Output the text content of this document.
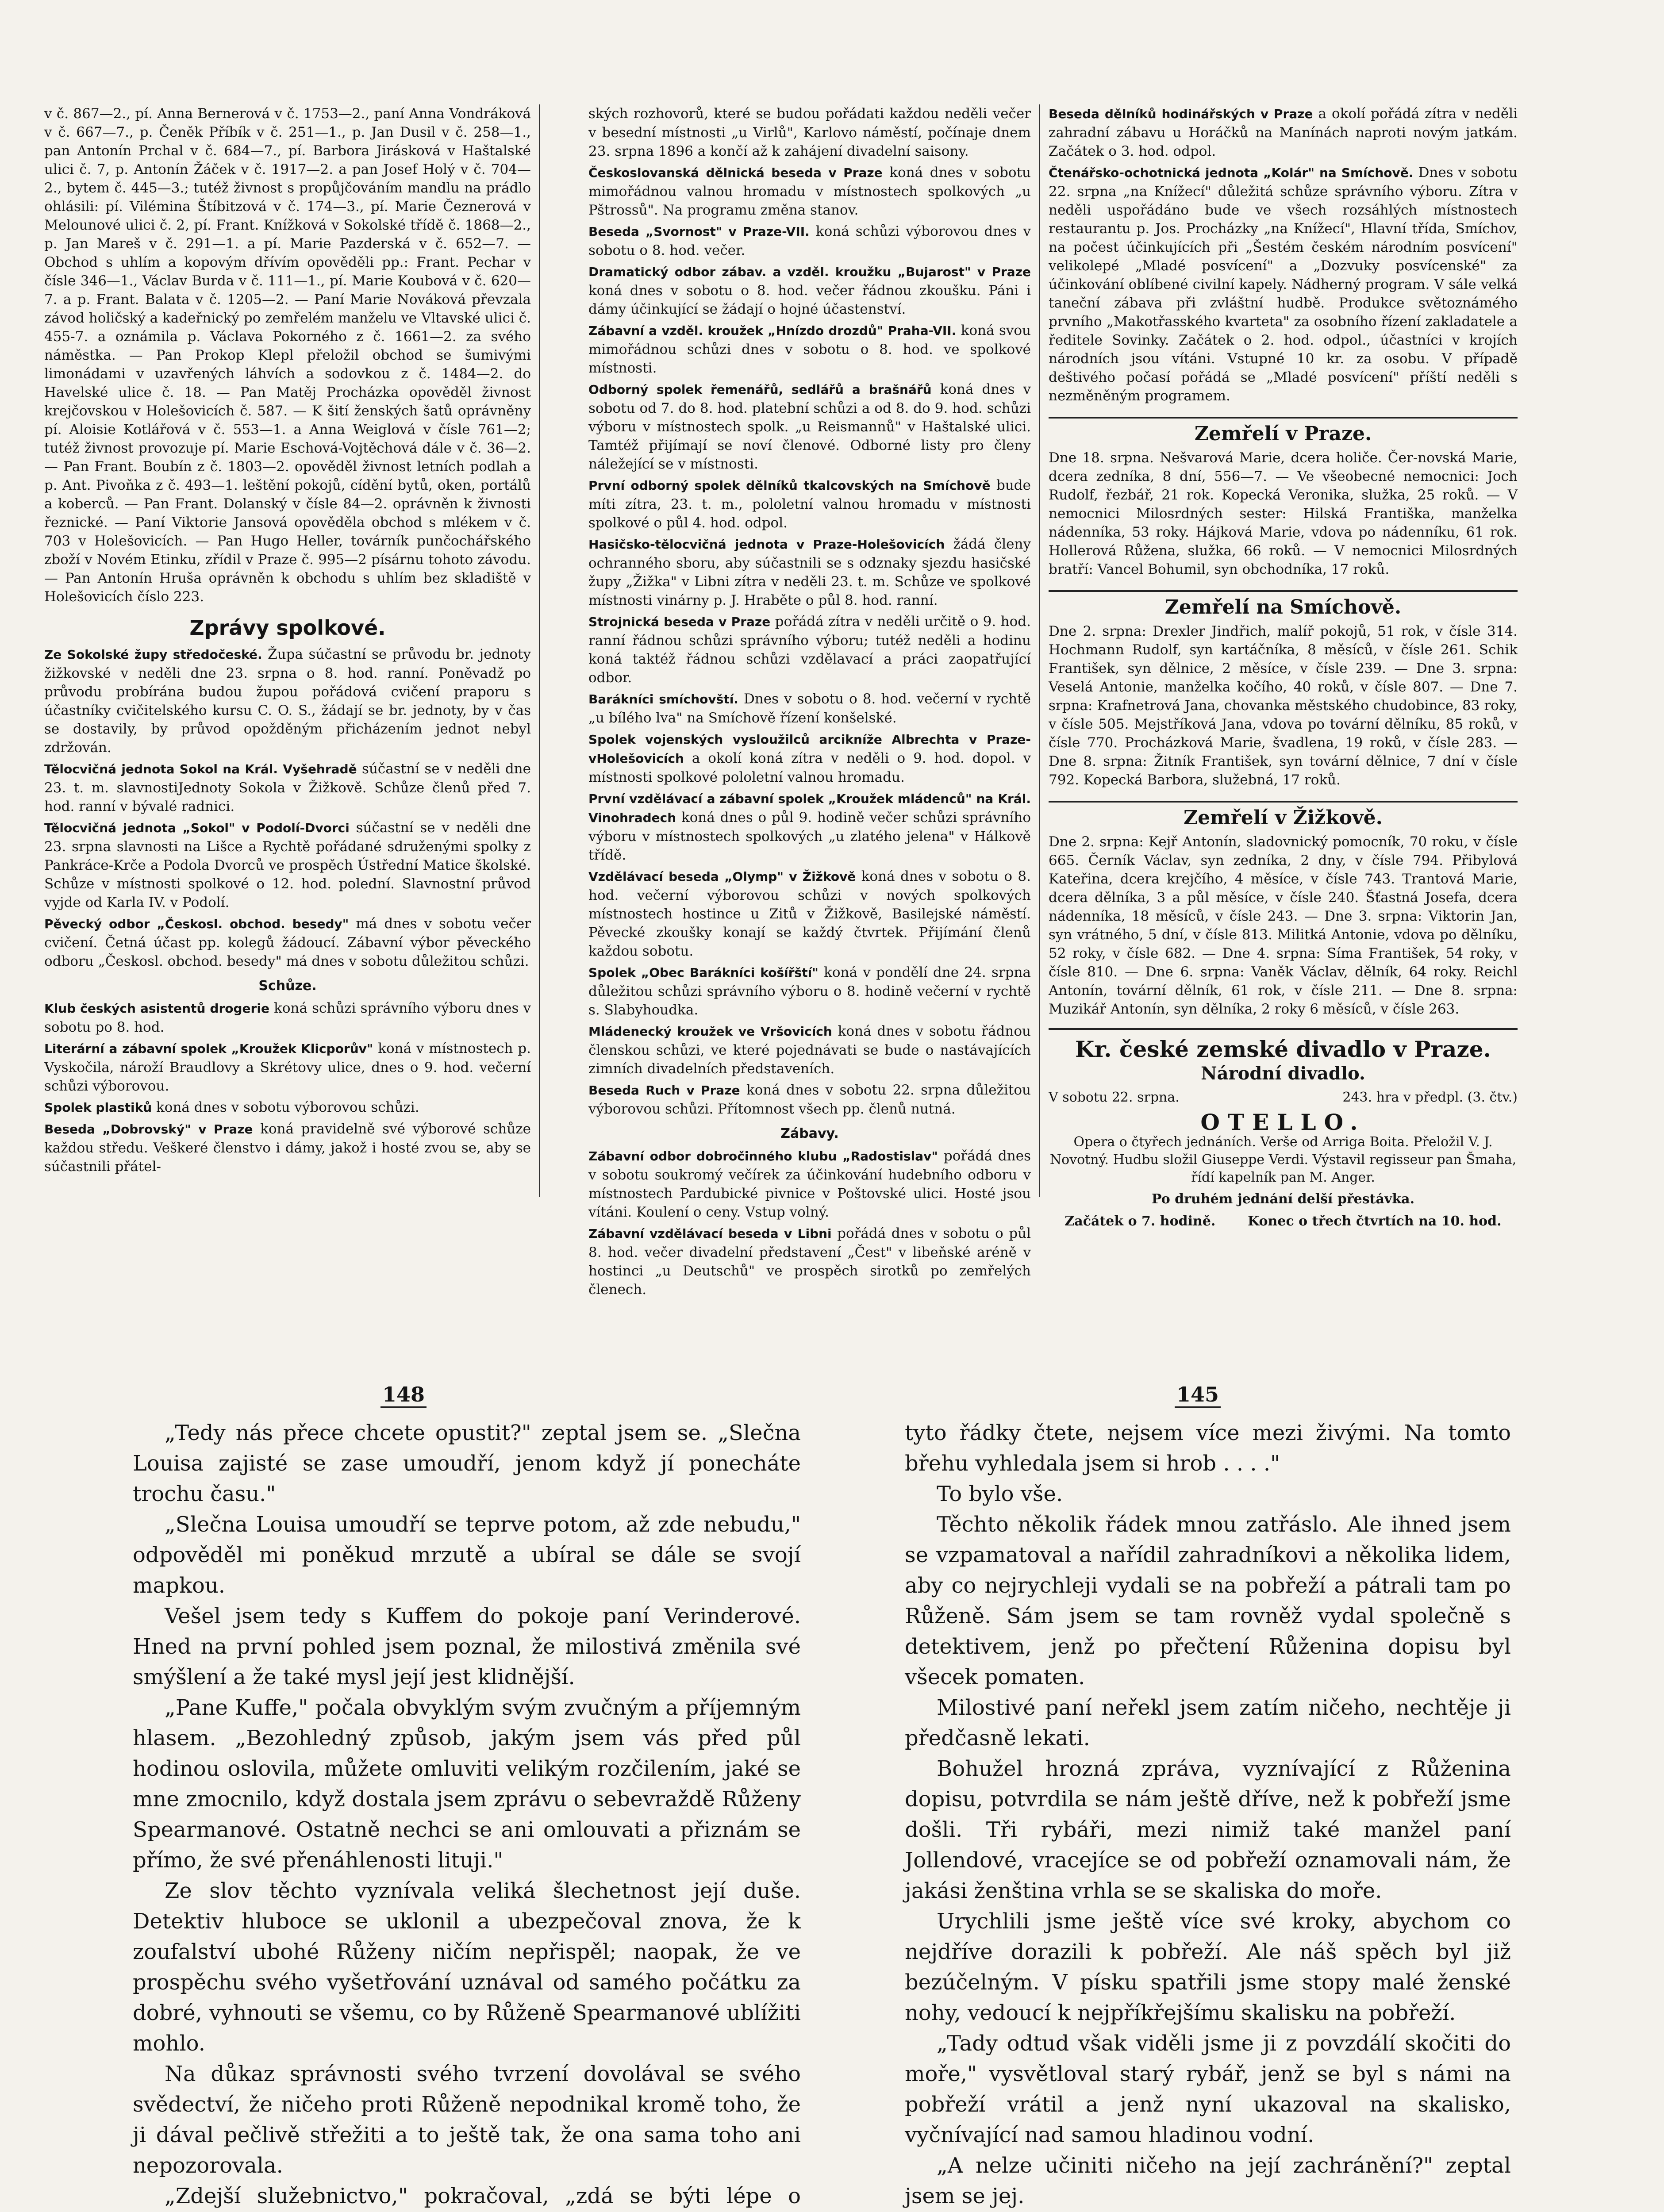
v č. 867—2., pí. Anna Bernerová v č. 1753—2., paní Anna Vondráková v č. 667—7., p. Čeněk Příbík v č. 251—1., p. Jan Dusil v č. 258—1., pan Antonín Prchal v č. 684—7., pí. Barbora Jirásková v Haštalské ulici č. 7, p. Antonín Žáček v č. 1917—2. a pan Josef Holý v č. 704—2., bytem č. 445—3.; tutéž živnost s propůjčováním mandlu na prádlo ohlásili: pí. Vilémina Štíbitzová v č. 174—3., pí. Marie Čeznerová v Melounové ulici č. 2, pí. Frant. Knížková v Sokolské třídě č. 1868—2., p. Jan Mareš v č. 291—1. a pí. Marie Pazderská v č. 652—7. — Obchod s uhlím a kopovým dřívím opověděli pp.: Frant. Pechar v čísle 346—1., Václav Burda v č. 111—1., pí. Marie Koubová v č. 620—7. a p. Frant. Balata v č. 1205—2. — Paní Marie Nováková převzala závod holičský a kadeřnický po zemřelém manželu ve Vltavské ulici č. 455-7. a oznámila p. Václava Pokorného z č. 1661—2. za svého náměstka. — Pan Prokop Klepl přeložil obchod se šumivými limonádami v uzavřených láhvích a sodovkou z č. 1484—2. do Havelské ulice č. 18. — Pan Matěj Procházka opověděl živnost krejčovskou v Holešovicích č. 587. — K šití ženských šatů oprávněny pí. Aloisie Kotlářová v č. 553—1. a Anna Weiglová v čísle 761—2; tutéž živnost provozuje pí. Marie Eschová-Vojtěchová dále v č. 36—2. — Pan Frant. Boubín z č. 1803—2. opověděl živnost letních podlah a p. Ant. Pivoňka z č. 493—1. leštění pokojů, cídění bytů, oken, portálů a koberců. — Pan Frant. Dolanský v čísle 84—2. oprávněn k živnosti řeznické. — Paní Viktorie Jansová opověděla obchod s mlékem v č. 703 v Holešovicích. — Pan Hugo Heller, továrník punčochářského zboží v Novém Etinku, zřídil v Praze č. 995—2 písárnu tohoto závodu. — Pan Antonín Hruša oprávněn k obchodu s uhlím bez skladiště v Holešovicích číslo 223.

Zprávy spolkové.

Ze Sokolské župy středočeské. Župa súčastní se průvodu br. jednoty žižkovské v neděli dne 23. srpna o 8. hod. ranní. Poněvadž po průvodu probírána budou župou pořádová cvičení praporu s účastníky cvičitelského kursu C. O. S., žádají se br. jednoty, by v čas se dostavily, by průvod opožděným přicházením jednot nebyl zdržován.

Tělocvičná jednota Sokol na Král. Vyšehradě súčastní se v neděli dne 23. t. m. slavnostiJednoty Sokola v Žižkově. Schůze členů před 7. hod. ranní v bývalé radnici.

Tělocvičná jednota „Sokol" v Podolí-Dvorci súčastní se v neděli dne 23. srpna slavnosti na Lišce a Rychtě pořádané sdruženými spolky z Pankráce-Krče a Podola Dvorců ve prospěch Ústřední Matice školské. Schůze v místnosti spolkové o 12. hod. polední. Slavnostní průvod vyjde od Karla IV. v Podolí.

Pěvecký odbor „Českosl. obchod. besedy" má dnes v sobotu večer cvičení. Četná účast pp. kolegů žádoucí. Zábavní výbor pěveckého odboru „Českosl. obchod. besedy" má dnes v sobotu důležitou schůzi.

Schůze.

Klub českých asistentů drogerie koná schůzi správního výboru dnes v sobotu po 8. hod.

Literární a zábavní spolek „Kroužek Klicporův" koná v místnostech p. Vyskočila, nároží Braudlovy a Skrétovy ulice, dnes o 9. hod. večerní schůzi výborovou.

Spolek plastiků koná dnes v sobotu výborovou schůzi.

Beseda „Dobrovský" v Praze koná pravidelně své výborové schůze každou středu. Veškeré členstvo i dámy, jakož i hosté zvou se, aby se súčastnili přátel-

ských rozhovorů, které se budou pořádati každou neděli večer v besední místnosti „u Virlů", Karlovo náměstí, počínaje dnem 23. srpna 1896 a končí až k zahájení divadelní saisony.

Českoslovanská dělnická beseda v Praze koná dnes v sobotu mimořádnou valnou hromadu v místnostech spolkových „u Pštrossů". Na programu změna stanov.

Beseda „Svornost" v Praze-VII. koná schůzi výborovou dnes v sobotu o 8. hod. večer.

Dramatický odbor zábav. a vzděl. kroužku „Bujarost" v Praze koná dnes v sobotu o 8. hod. večer řádnou zkoušku. Páni i dámy účinkující se žádají o hojné účastenství.

Zábavní a vzděl. kroužek „Hnízdo drozdů" Praha-VII. koná svou mimořádnou schůzi dnes v sobotu o 8. hod. ve spolkové místnosti.

Odborný spolek řemenářů, sedlářů a brašnářů koná dnes v sobotu od 7. do 8. hod. platební schůzi a od 8. do 9. hod. schůzi výboru v místnostech spolk. „u Reismannů" v Haštalské ulici. Tamtéž přijímají se noví členové. Odborné listy pro členy náležející se v místnosti.

První odborný spolek dělníků tkalcovských na Smíchově bude míti zítra, 23. t. m., pololetní valnou hromadu v místnosti spolkové o půl 4. hod. odpol.

Hasičsko-tělocvičná jednota v Praze-Holešovicích žádá členy ochranného sboru, aby súčastnili se s odznaky sjezdu hasičské župy „Žižka" v Libni zítra v neděli 23. t. m. Schůze ve spolkové místnosti vinárny p. J. Hraběte o půl 8. hod. ranní.

Strojnická beseda v Praze pořádá zítra v neděli určitě o 9. hod. ranní řádnou schůzi správního výboru; tutéž neděli a hodinu koná taktéž řádnou schůzi vzdělavací a práci zaopatřující odbor.

Barákníci smíchovští. Dnes v sobotu o 8. hod. večerní v rychtě „u bílého lva" na Smíchově řízení konšelské.

Spolek vojenských vysloužilců arcikníže Albrechta v Praze-vHolešovicích a okolí koná zítra v neděli o 9. hod. dopol. v místnosti spolkové pololetní valnou hromadu.

První vzdělávací a zábavní spolek „Kroužek mládenců" na Král. Vinohradech koná dnes o půl 9. hodině večer schůzi správního výboru v místnostech spolkových „u zlatého jelena" v Hálkově třídě.

Vzdělávací beseda „Olymp" v Žižkově koná dnes v sobotu o 8. hod. večerní výborovou schůzi v nových spolkových místnostech hostince u Zitů v Žižkově, Basilejské náměstí. Pěvecké zkoušky konají se každý čtvrtek. Přijímání členů každou sobotu.

Spolek „Obec Barákníci košířští" koná v pondělí dne 24. srpna důležitou schůzi správního výboru o 8. hodině večerní v rychtě s. Slabyhoudka.

Mládenecký kroužek ve Vršovicích koná dnes v sobotu řádnou členskou schůzi, ve které pojednávati se bude o nastávajících zimních divadelních představeních.

Beseda Ruch v Praze koná dnes v sobotu 22. srpna důležitou výborovou schůzi. Přítomnost všech pp. členů nutná.

Zábavy.

Zábavní odbor dobročinného klubu „Radostislav" pořádá dnes v sobotu soukromý večírek za účinkování hudebního odboru v místnostech Pardubické pivnice v Poštovské ulici. Hosté jsou vítáni. Koulení o ceny. Vstup volný.

Zábavní vzdělávací beseda v Libni pořádá dnes v sobotu o půl 8. hod. večer divadelní představení „Čest" v libeňské aréně v hostinci „u Deutschů" ve prospěch sirotků po zemřelých členech.

Beseda dělníků hodinářských v Praze a okolí pořádá zítra v neděli zahradní zábavu u Horáčků na Manínách naproti novým jatkám. Začátek o 3. hod. odpol.

Čtenářsko-ochotnická jednota „Kolár" na Smíchově. Dnes v sobotu 22. srpna „na Knížecí" důležitá schůze správního výboru. Zítra v neděli uspořádáno bude ve všech rozsáhlých místnostech restaurantu p. Jos. Procházky „na Knížecí", Hlavní třída, Smíchov, na počest účinkujících při „Šestém českém národním posvícení" velikolepé „Mladé posvícení" a „Dozvuky posvícenské" za účinkování oblíbené civilní kapely. Nádherný program. V sále velká taneční zábava při zvláštní hudbě. Produkce světoznámého prvního „Makotřasského kvarteta" za osobního řízení zakladatele a ředitele Sovinky. Začátek o 2. hod. odpol., účastníci v krojích národních jsou vítáni. Vstupné 10 kr. za osobu. V případě deštivého počasí pořádá se „Mladé posvícení" příští neděli s nezměněným programem.

Zemřelí v Praze.

Dne 18. srpna. Nešvarová Marie, dcera holiče. Čer-novská Marie, dcera zedníka, 8 dní, 556—7. — Ve všeobecné nemocnici: Joch Rudolf, řezbář, 21 rok. Kopecká Veronika, služka, 25 roků. — V nemocnici Milosrdných sester: Hilská Františka, manželka nádenníka, 53 roky. Hájková Marie, vdova po nádenníku, 61 rok. Hollerová Růžena, služka, 66 roků. — V nemocnici Milosrdných bratří: Vancel Bohumil, syn obchodníka, 17 roků.

Zemřelí na Smíchově.

Dne 2. srpna: Drexler Jindřich, malíř pokojů, 51 rok, v čísle 314. Hochmann Rudolf, syn kartáčníka, 8 měsíců, v čísle 261. Schik František, syn dělnice, 2 měsíce, v čísle 239. — Dne 3. srpna: Veselá Antonie, manželka kočího, 40 roků, v čísle 807. — Dne 7. srpna: Krafnetrová Jana, chovanka městského chudobince, 83 roky, v čísle 505. Mejstříková Jana, vdova po tovární dělníku, 85 roků, v čísle 770. Procházková Marie, švadlena, 19 roků, v čísle 283. — Dne 8. srpna: Žitník František, syn tovární dělnice, 7 dní v čísle 792. Kopecká Barbora, služebná, 17 roků.

Zemřelí v Žižkově.

Dne 2. srpna: Kejř Antonín, sladovnický pomocník, 70 roku, v čísle 665. Černík Václav, syn zedníka, 2 dny, v čísle 794. Přibylová Kateřina, dcera krejčího, 4 měsíce, v čísle 743. Trantová Marie, dcera dělníka, 3 a půl měsíce, v čísle 240. Šťastná Josefa, dcera nádenníka, 18 měsíců, v čísle 243. — Dne 3. srpna: Viktorin Jan, syn vrátného, 5 dní, v čísle 813. Militká Antonie, vdova po dělníku, 52 roky, v čísle 682. — Dne 4. srpna: Síma František, 54 roky, v čísle 810. — Dne 6. srpna: Vaněk Václav, dělník, 64 roky. Reichl Antonín, tovární dělník, 61 rok, v čísle 211. — Dne 8. srpna: Muzikář Antonín, syn dělníka, 2 roky 6 měsíců, v čísle 263.

Kr. české zemské divadlo v Praze.
Národní divadlo.
V sobotu 22. srpna.	243. hra v předpl. (3. čtv.)
OTELLO.
Opera o čtyřech jednáních. Verše od Arriga Boita. Přeložil V. J. Novotný. Hudbu složil Giuseppe Verdi. Výstavil regisseur pan Šmaha, řídí kapelník pan M. Anger.
Po druhém jednání delší přestávka.
Začátek o 7. hodině. Konec o třech čtvrtích na 10. hod.
148	145

„Tedy nás přece chcete opustit?" zeptal jsem se. „Slečna Louisa zajisté se zase umoudří, jenom když jí ponecháte trochu času."

„Slečna Louisa umoudří se teprve potom, až zde nebudu," odpověděl mi poněkud mrzutě a ubíral se dále se svojí mapkou.

Vešel jsem tedy s Kuffem do pokoje paní Verinderové. Hned na první pohled jsem poznal, že milostivá změnila své smýšlení a že také mysl její jest klidnější.

„Pane Kuffe," počala obvyklým svým zvučným a příjemným hlasem. „Bezohledný způsob, jakým jsem vás před půl hodinou oslovila, můžete omluviti velikým rozčilením, jaké se mne zmocnilo, když dostala jsem zprávu o sebevraždě Růženy Spearmanové. Ostatně nechci se ani omlouvati a přiznám se přímo, že své přenáhlenosti lituji."

Ze slov těchto vyznívala veliká šlechetnost její duše. Detektiv hluboce se uklonil a ubezpečoval znova, že k zoufalství ubohé Růženy ničím nepřispěl; naopak, že ve prospěchu svého vyšetřování uznával od samého počátku za dobré, vyhnouti se všemu, co by Růženě Spearmanové ublížiti mohlo.

Na důkaz správnosti svého tvrzení dovolával se svého svědectví, že ničeho proti Růženě nepodnikal kromě toho, že ji dával pečlivě střežiti a to ještě tak, že ona sama toho ani nepozorovala.

„Zdejší služebnictvo," pokračoval, „zdá se býti lépe o

tyto řádky čtete, nejsem více mezi živými. Na tomto břehu vyhledala jsem si hrob . . . ."

To bylo vše.

Těchto několik řádek mnou zatřáslo. Ale ihned jsem se vzpamatoval a nařídil zahradníkovi a několika lidem, aby co nejrychleji vydali se na pobřeží a pátrali tam po Růženě. Sám jsem se tam rovněž vydal společně s detektivem, jenž po přečtení Růženina dopisu byl všecek pomaten.

Milostivé paní neřekl jsem zatím ničeho, nechtěje ji předčasně lekati.

Bohužel hrozná zpráva, vyznívající z Růženina dopisu, potvrdila se nám ještě dříve, než k pobřeží jsme došli. Tři rybáři, mezi nimiž také manžel paní Jollendové, vracejíce se od pobřeží oznamovali nám, že jakási ženština vrhla se se skaliska do moře.

Urychlili jsme ještě více své kroky, abychom co nejdříve dorazili k pobřeží. Ale náš spěch byl již bezúčelným. V písku spatřili jsme stopy malé ženské nohy, vedoucí k nejpříkřejšímu skalisku na pobřeží.

„Tady odtud však viděli jsme ji z povzdálí skočiti do moře," vysvětloval starý rybář, jenž se byl s námi na pobřeží vrátil a jenž nyní ukazoval na skalisko, vyčnívající nad samou hladinou vodní.

„A nelze učiniti ničeho na její zachránění?" zeptal jsem se jej.
